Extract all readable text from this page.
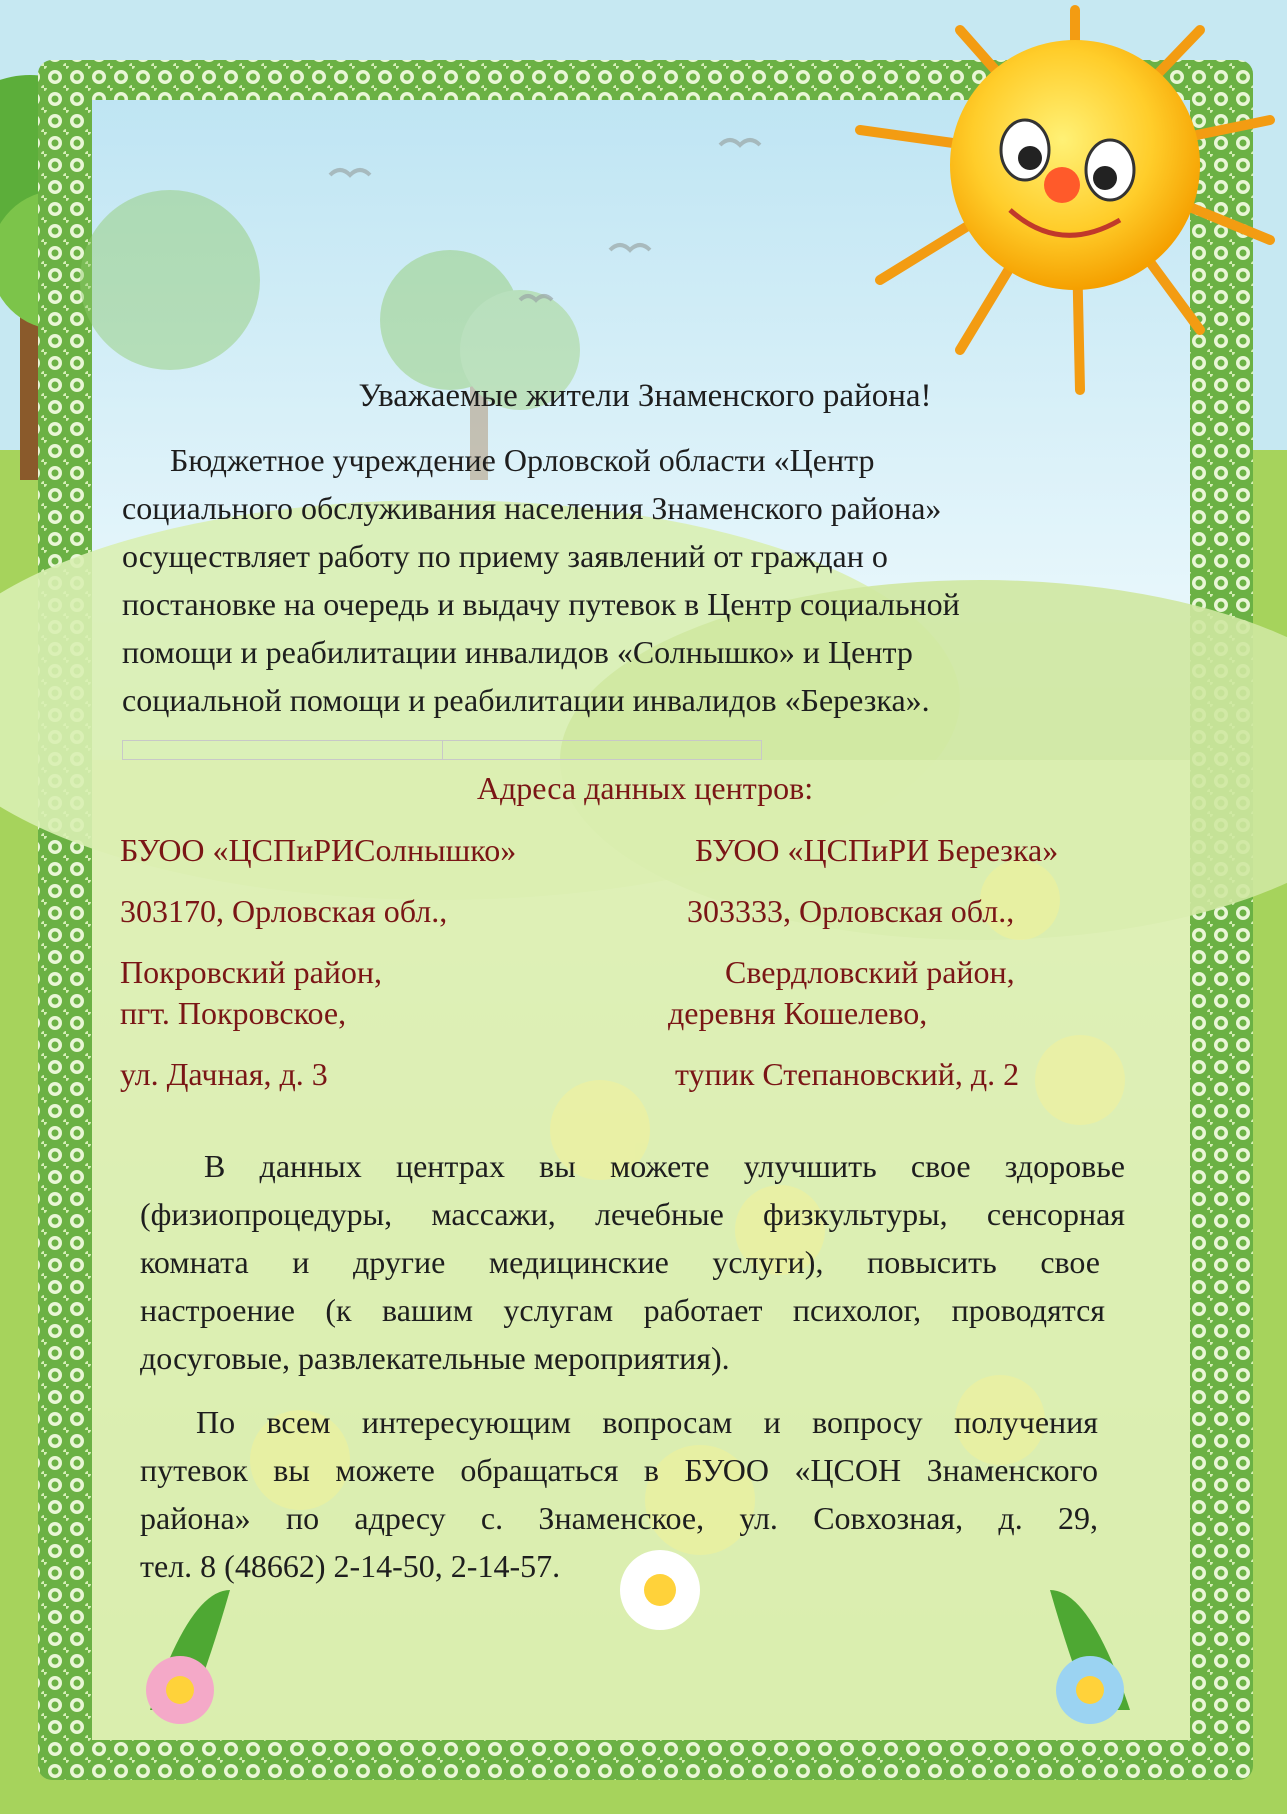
Уважаемые жители Знаменского района!
Бюджетное учреждение Орловской области «Центр
социального обслуживания населения Знаменского района»
осуществляет работу по приему заявлений от граждан о
постановке на очередь и выдачу путевок в Центр социальной
помощи и реабилитации инвалидов «Солнышко» и Центр
социальной помощи и реабилитации инвалидов «Березка».
Адреса данных центров:
БУОО «ЦСПиРИСолнышко»
303170, Орловская обл.,
Покровский район,
пгт. Покровское,
ул. Дачная, д. 3
БУОО «ЦСПиРИ Березка»
303333, Орловская обл.,
Свердловский район,
деревня Кошелево,
тупик Степановский, д. 2
В данных центрах вы можете улучшить свое здоровье
(физиопроцедуры, массажи, лечебные физкультуры, сенсорная
комната и другие медицинские услуги), повысить свое
настроение (к вашим услугам работает психолог, проводятся
досуговые, развлекательные мероприятия).
По всем интересующим вопросам и вопросу получения
путевок вы можете обращаться в БУОО «ЦСОН Знаменского
района» по адресу с. Знаменское, ул. Совхозная, д. 29,
тел. 8 (48662) 2-14-50, 2-14-57.
